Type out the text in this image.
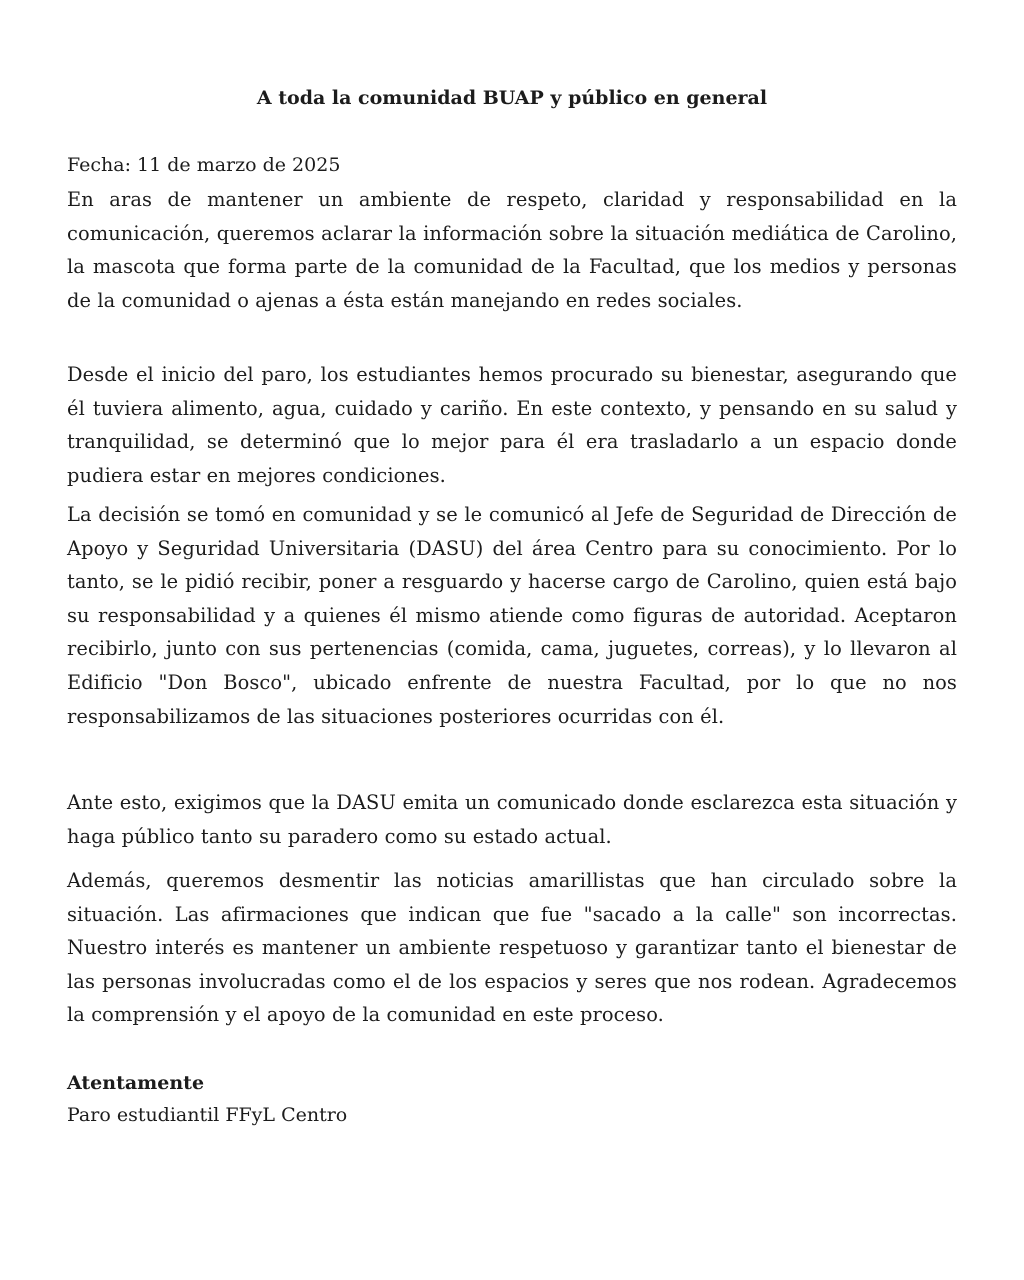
A toda la comunidad BUAP y público en general

Fecha: 11 de marzo de 2025

En aras de mantener un ambiente de respeto, claridad y responsabilidad en la comunicación, queremos aclarar la información sobre la situación mediática de Carolino, la mascota que forma parte de la comunidad de la Facultad, que los medios y personas de la comunidad o ajenas a ésta están manejando en redes sociales.

Desde el inicio del paro, los estudiantes hemos procurado su bienestar, asegurando que él tuviera alimento, agua, cuidado y cariño. En este contexto, y pensando en su salud y tranquilidad, se determinó que lo mejor para él era trasladarlo a un espacio donde pudiera estar en mejores condiciones.

La decisión se tomó en comunidad y se le comunicó al Jefe de Seguridad de Dirección de Apoyo y Seguridad Universitaria (DASU) del área Centro para su conocimiento. Por lo tanto, se le pidió recibir, poner a resguardo y hacerse cargo de Carolino, quien está bajo su responsabilidad y a quienes él mismo atiende como figuras de autoridad. Aceptaron recibirlo, junto con sus pertenencias (comida, cama, juguetes, correas), y lo llevaron al Edificio "Don Bosco", ubicado enfrente de nuestra Facultad, por lo que no nos responsabilizamos de las situaciones posteriores ocurridas con él.

Ante esto, exigimos que la DASU emita un comunicado donde esclarezca esta situación y haga público tanto su paradero como su estado actual.

Además, queremos desmentir las noticias amarillistas que han circulado sobre la situación. Las afirmaciones que indican que fue "sacado a la calle" son incorrectas. Nuestro interés es mantener un ambiente respetuoso y garantizar tanto el bienestar de las personas involucradas como el de los espacios y seres que nos rodean. Agradecemos la comprensión y el apoyo de la comunidad en este proceso.

Atentamente

Paro estudiantil FFyL Centro
